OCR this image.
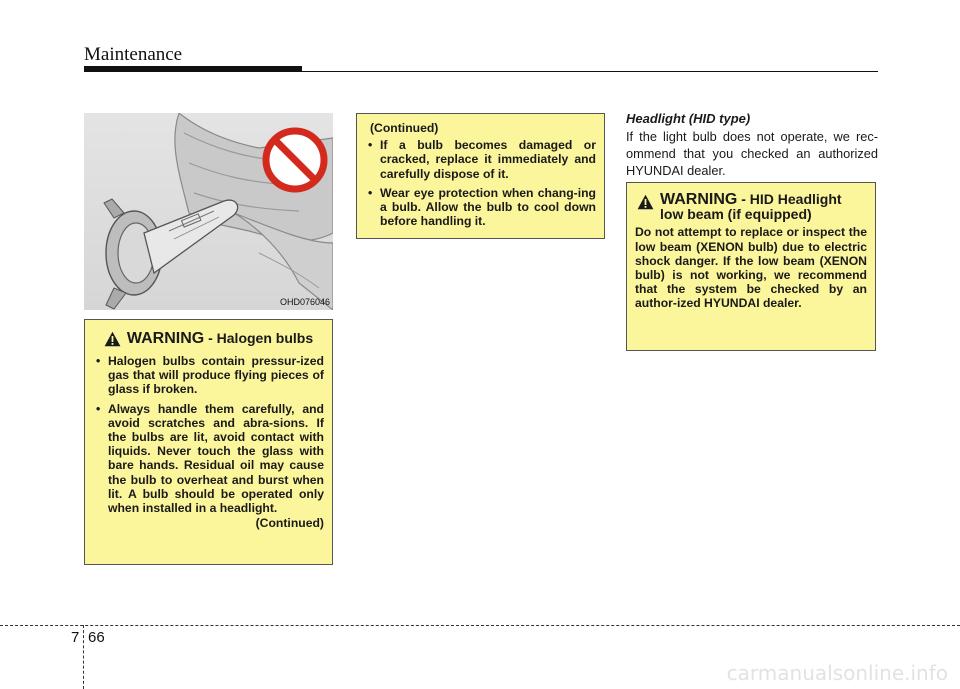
Maintenance
OHD076046
WARNING - Halogen bulbs
• Halogen bulbs contain pressur-ized gas that will produce flying pieces of glass if broken.
• Always handle them carefully, and avoid scratches and abra-sions. If the bulbs are lit, avoid contact with liquids. Never touch the glass with bare hands. Residual oil may cause the bulb to overheat and burst when lit. A bulb should be operated only when installed in a headlight.
(Continued)
(Continued)
• If a bulb becomes damaged or cracked, replace it immediately and carefully dispose of it.
• Wear eye protection when chang-ing a bulb. Allow the bulb to cool down before handling it.
Headlight (HID type)
If the light bulb does not operate, we rec-ommend that you checked an authorized HYUNDAI dealer.
WARNING - HID Headlight
low beam (if equipped)
Do not attempt to replace or inspect the low beam (XENON bulb) due to electric shock danger. If the low beam (XENON bulb) is not working, we recommend that the system be checked by an author-ized HYUNDAI dealer.
7 66
carmanualsonline.info
